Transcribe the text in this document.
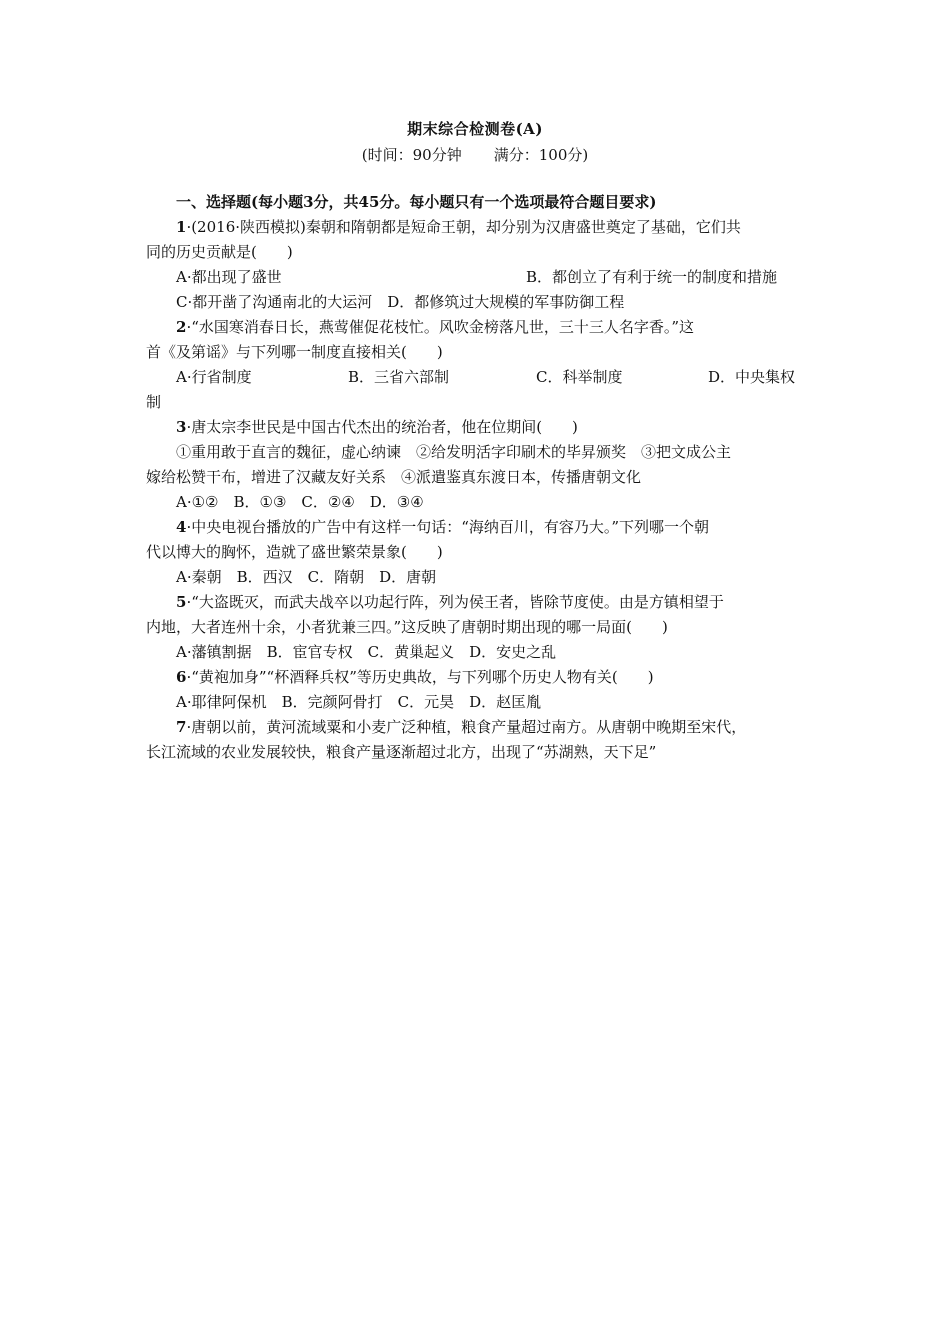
期末综合检测卷(A)
(时间：90分钟 满分：100分)
一、选择题(每小题3分，共45分。每小题只有一个选项最符合题目要求)
1·(2016·陕西模拟)秦朝和隋朝都是短命王朝，却分别为汉唐盛世奠定了基础，它们共
同的历史贡献是(　　)
A·都出现了盛世	B．都创立了有利于统一的制度和措施
C·都开凿了沟通南北的大运河　D．都修筑过大规模的军事防御工程
2·“水国寒消春日长，燕莺催促花枝忙。风吹金榜落凡世，三十三人名字香。”这
首《及第谣》与下列哪一制度直接相关(　　)
A·行省制度	B．三省六部制	C．科举制度	D．中央集权
制
3·唐太宗李世民是中国古代杰出的统治者，他在位期间(　　)
①重用敢于直言的魏征，虚心纳谏　②给发明活字印刷术的毕昇颁奖　③把文成公主
嫁给松赞干布，增进了汉藏友好关系　④派遣鉴真东渡日本，传播唐朝文化
A·①②　B．①③　C．②④　D．③④
4·中央电视台播放的广告中有这样一句话：“海纳百川，有容乃大。”下列哪一个朝
代以博大的胸怀，造就了盛世繁荣景象(　　)
A·秦朝　B．西汉　C．隋朝　D．唐朝
5·“大盗既灭，而武夫战卒以功起行阵，列为侯王者，皆除节度使。由是方镇相望于
内地，大者连州十余，小者犹兼三四。”这反映了唐朝时期出现的哪一局面(　　)
A·藩镇割据　B．宦官专权　C．黄巢起义　D．安史之乱
6·“黄袍加身”“杯酒释兵权”等历史典故，与下列哪个历史人物有关(　　)
A·耶律阿保机　B．完颜阿骨打　C．元昊　D．赵匡胤
7·唐朝以前，黄河流域粟和小麦广泛种植，粮食产量超过南方。从唐朝中晚期至宋代，
长江流域的农业发展较快，粮食产量逐渐超过北方，出现了“苏湖熟，天下足”
